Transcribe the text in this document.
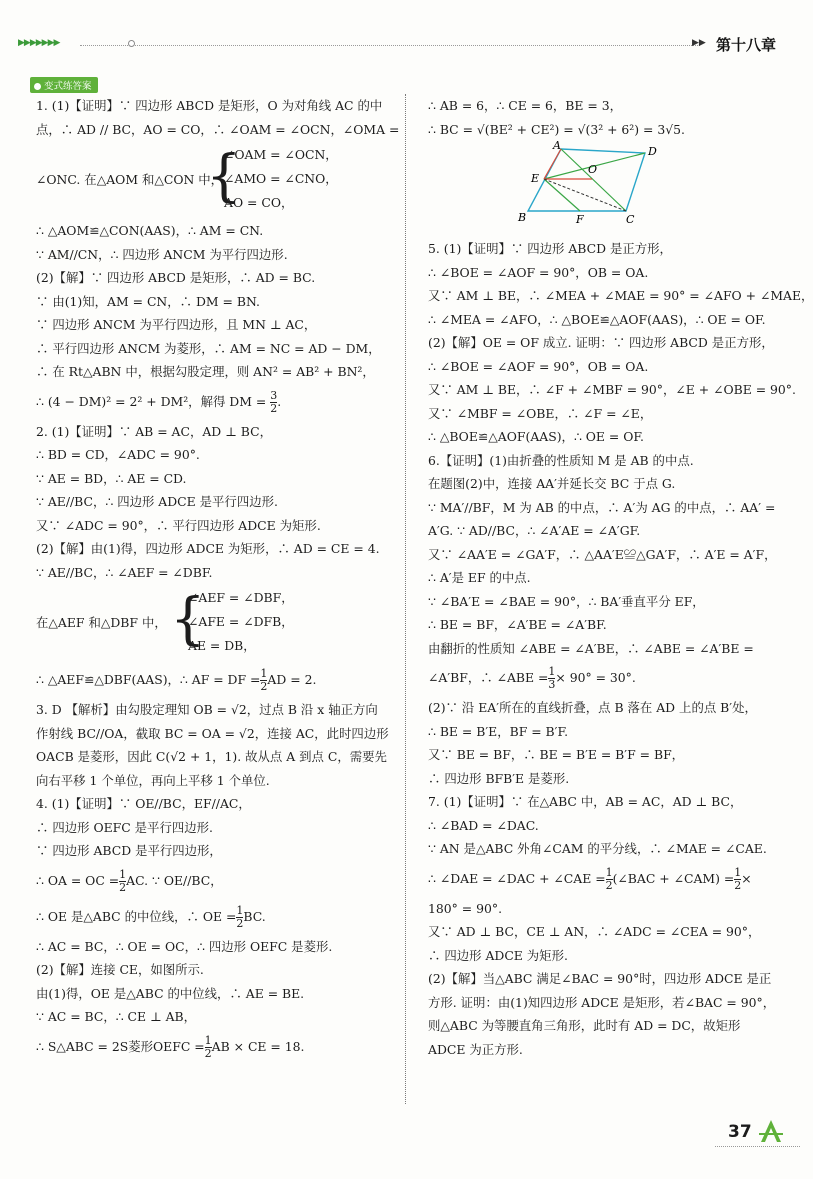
▶▶▶▶▶▶▶	▶▶ 第十八章
变式练答案
1. (1)【证明】∵ 四边形 ABCD 是矩形，O 为对角线 AC 的中
点，∴ AD // BC，AO = CO，∴ ∠OAM = ∠OCN，∠OMA =
∠ONC. 在△AOM 和△CON 中，
{
∠OAM = ∠OCN，
∠AMO = ∠CNO，
AO = CO，
∴ △AOM≌△CON(AAS)，∴ AM = CN.
∵ AM//CN，∴ 四边形 ANCM 为平行四边形.
(2)【解】∵ 四边形 ABCD 是矩形，∴ AD = BC.
∵ 由(1)知，AM = CN，∴ DM = BN.
∵ 四边形 ANCM 为平行四边形，且 MN ⊥ AC，
∴ 平行四边形 ANCM 为菱形，∴ AM = NC = AD − DM，
∴ 在 Rt△ABN 中，根据勾股定理，则 AN² = AB² + BN²，
∴ (4 − DM)² = 2² + DM²，解得 DM = $\frac{3}{2}$ .
2. (1)【证明】∵ AB = AC，AD ⊥ BC，
∴ BD = CD，∠ADC = 90°.
∵ AE = BD，∴ AE = CD.
∵ AE//BC，∴ 四边形 ADCE 是平行四边形.
又∵ ∠ADC = 90°，∴ 平行四边形 ADCE 为矩形.
(2)【解】由(1)得，四边形 ADCE 为矩形，∴ AD = CE = 4.
∵ AE//BC，∴ ∠AEF = ∠DBF.
在△AEF 和△DBF 中， {
∠AEF = ∠DBF，
∠AFE = ∠DFB，
AE = DB，
∴ △AEF≌△DBF(AAS)，∴ AF = DF = $\frac{1}{2}$ AD = 2.
3. D 【解析】由勾股定理知 OB = √2，过点 B 沿 x 轴正方向
作射线 BC//OA，截取 BC = OA = √2，连接 AC，此时四边形
OACB 是菱形，因此 C(√2 + 1，1). 故从点 A 到点 C，需要先
向右平移 1 个单位，再向上平移 1 个单位.
4. (1)【证明】∵ OE//BC，EF//AC，
∴ 四边形 OEFC 是平行四边形.
∵ 四边形 ABCD 是平行四边形，
∴ OA = OC = $\frac{1}{2}$ AC. ∵ OE//BC，
∴ OE 是△ABC 的中位线，∴ OE = $\frac{1}{2}$ BC.
∴ AC = BC，∴ OE = OC，∴ 四边形 OEFC 是菱形.
(2)【解】连接 CE，如图所示.
由(1)得，OE 是△ABC 的中位线，∴ AE = BE.
∵ AC = BC，∴ CE ⊥ AB，
∴ S△ABC = 2S菱形OEFC = $\frac{1}{2}$ AB × CE = 18.
∴ AB = 6，∴ CE = 6，BE = 3，
∴ BC = √(BE² + CE²) = √(3² + 6²) = 3√5.
A	D
E
O
B	F	C
5. (1)【证明】∵ 四边形 ABCD 是正方形，
∴ ∠BOE = ∠AOF = 90°，OB = OA.
又∵ AM ⊥ BE，∴ ∠MEA + ∠MAE = 90° = ∠AFO + ∠MAE，
∴ ∠MEA = ∠AFO，∴ △BOE≌△AOF(AAS)，∴ OE = OF.
(2)【解】OE = OF 成立. 证明：∵ 四边形 ABCD 是正方形，
∴ ∠BOE = ∠AOF = 90°，OB = OA.
又∵ AM ⊥ BE，∴ ∠F + ∠MBF = 90°，∠E + ∠OBE = 90°.
又∵ ∠MBF = ∠OBE，∴ ∠F = ∠E，
∴ △BOE≌△AOF(AAS)，∴ OE = OF.
6.【证明】(1)由折叠的性质知 M 是 AB 的中点.
在题图(2)中，连接 AA′并延长交 BC 于点 G.
∵ MA′//BF，M 为 AB 的中点，∴ A′为 AG 的中点，∴ AA′ =
A′G. ∵ AD//BC，∴ ∠A′AE = ∠A′GF.
又∵ ∠AA′E = ∠GA′F，∴ △AA′E≌△GA′F，∴ A′E = A′F，
∴ A′是 EF 的中点.
∵ ∠BA′E = ∠BAE = 90°，∴ BA′垂直平分 EF，
∴ BE = BF，∠A′BE = ∠A′BF.
由翻折的性质知 ∠ABE = ∠A′BE，∴ ∠ABE = ∠A′BE =
∠A′BF，∴ ∠ABE = $\frac{1}{3} \times 90^\circ = 30^\circ$.
(2)∵ 沿 EA′所在的直线折叠，点 B 落在 AD 上的点 B′处，
∴ BE = B′E，BF = B′F.
又∵ BE = BF，∴ BE = B′E = B′F = BF，
∴ 四边形 BFB′E 是菱形.
7. (1)【证明】∵ 在△ABC 中，AB = AC，AD ⊥ BC，
∴ ∠BAD = ∠DAC.
∵ AN 是△ABC 外角∠CAM 的平分线，∴ ∠MAE = ∠CAE.
∴ ∠DAE = ∠DAC + ∠CAE = $\frac{1}{2}$ (∠BAC + ∠CAM) = $\frac{1}{2}$ ×
180° = 90°.
又∵ AD ⊥ BC，CE ⊥ AN，∴ ∠ADC = ∠CEA = 90°，
∴ 四边形 ADCE 为矩形.
(2)【解】当△ABC 满足∠BAC = 90°时，四边形 ADCE 是正
方形. 证明：由(1)知四边形 ADCE 是矩形，若∠BAC = 90°，
则△ABC 为等腰直角三角形，此时有 AD = DC，故矩形
ADCE 为正方形.
37
